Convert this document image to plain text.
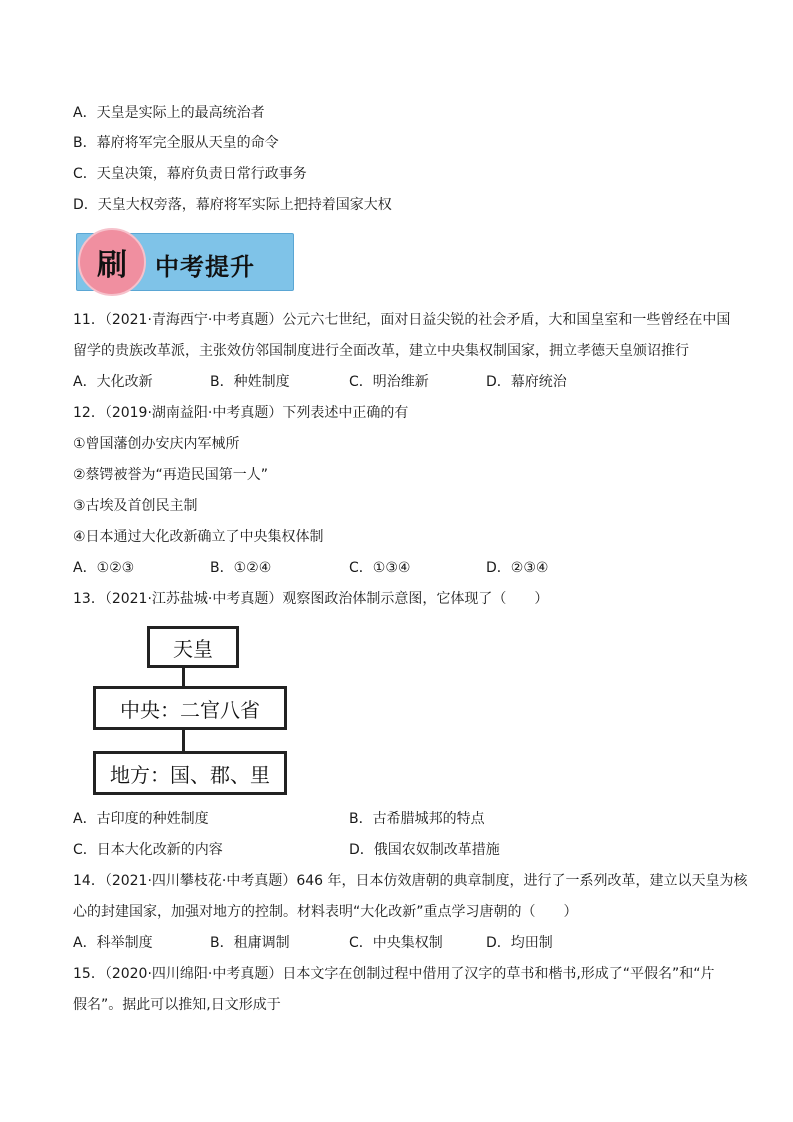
A．天皇是实际上的最高统治者
B．幕府将军完全服从天皇的命令
C．天皇决策，幕府负责日常行政事务
D．天皇大权旁落，幕府将军实际上把持着国家大权
刷	中考提升
11．（2021·青海西宁·中考真题）公元六七世纪，面对日益尖锐的社会矛盾，大和国皇室和一些曾经在中国
留学的贵族改革派，主张效仿邻国制度进行全面改革，建立中央集权制国家，拥立孝德天皇颁诏推行
A．大化改新	B．种姓制度	C．明治维新	D．幕府统治
12．（2019·湖南益阳·中考真题）下列表述中正确的有
①曾国藩创办安庆内军械所
②蔡锷被誉为“再造民国第一人”
③古埃及首创民主制
④日本通过大化改新确立了中央集权体制
A．①②③	B．①②④	C．①③④	D．②③④
13．（2021·江苏盐城·中考真题）观察图政治体制示意图，它体现了（　　）
天皇
中央：二官八省
地方：国、郡、里
A．古印度的种姓制度	B．古希腊城邦的特点
C．日本大化改新的内容	D．俄国农奴制改革措施
14．（2021·四川攀枝花·中考真题）646 年，日本仿效唐朝的典章制度，进行了一系列改革，建立以天皇为核
心的封建国家，加强对地方的控制。材料表明“大化改新”重点学习唐朝的（　　）
A．科举制度	B．租庸调制	C．中央集权制	D．均田制
15．（2020·四川绵阳·中考真题）日本文字在创制过程中借用了汉字的草书和楷书,形成了“平假名”和“片
假名”。据此可以推知,日文形成于
